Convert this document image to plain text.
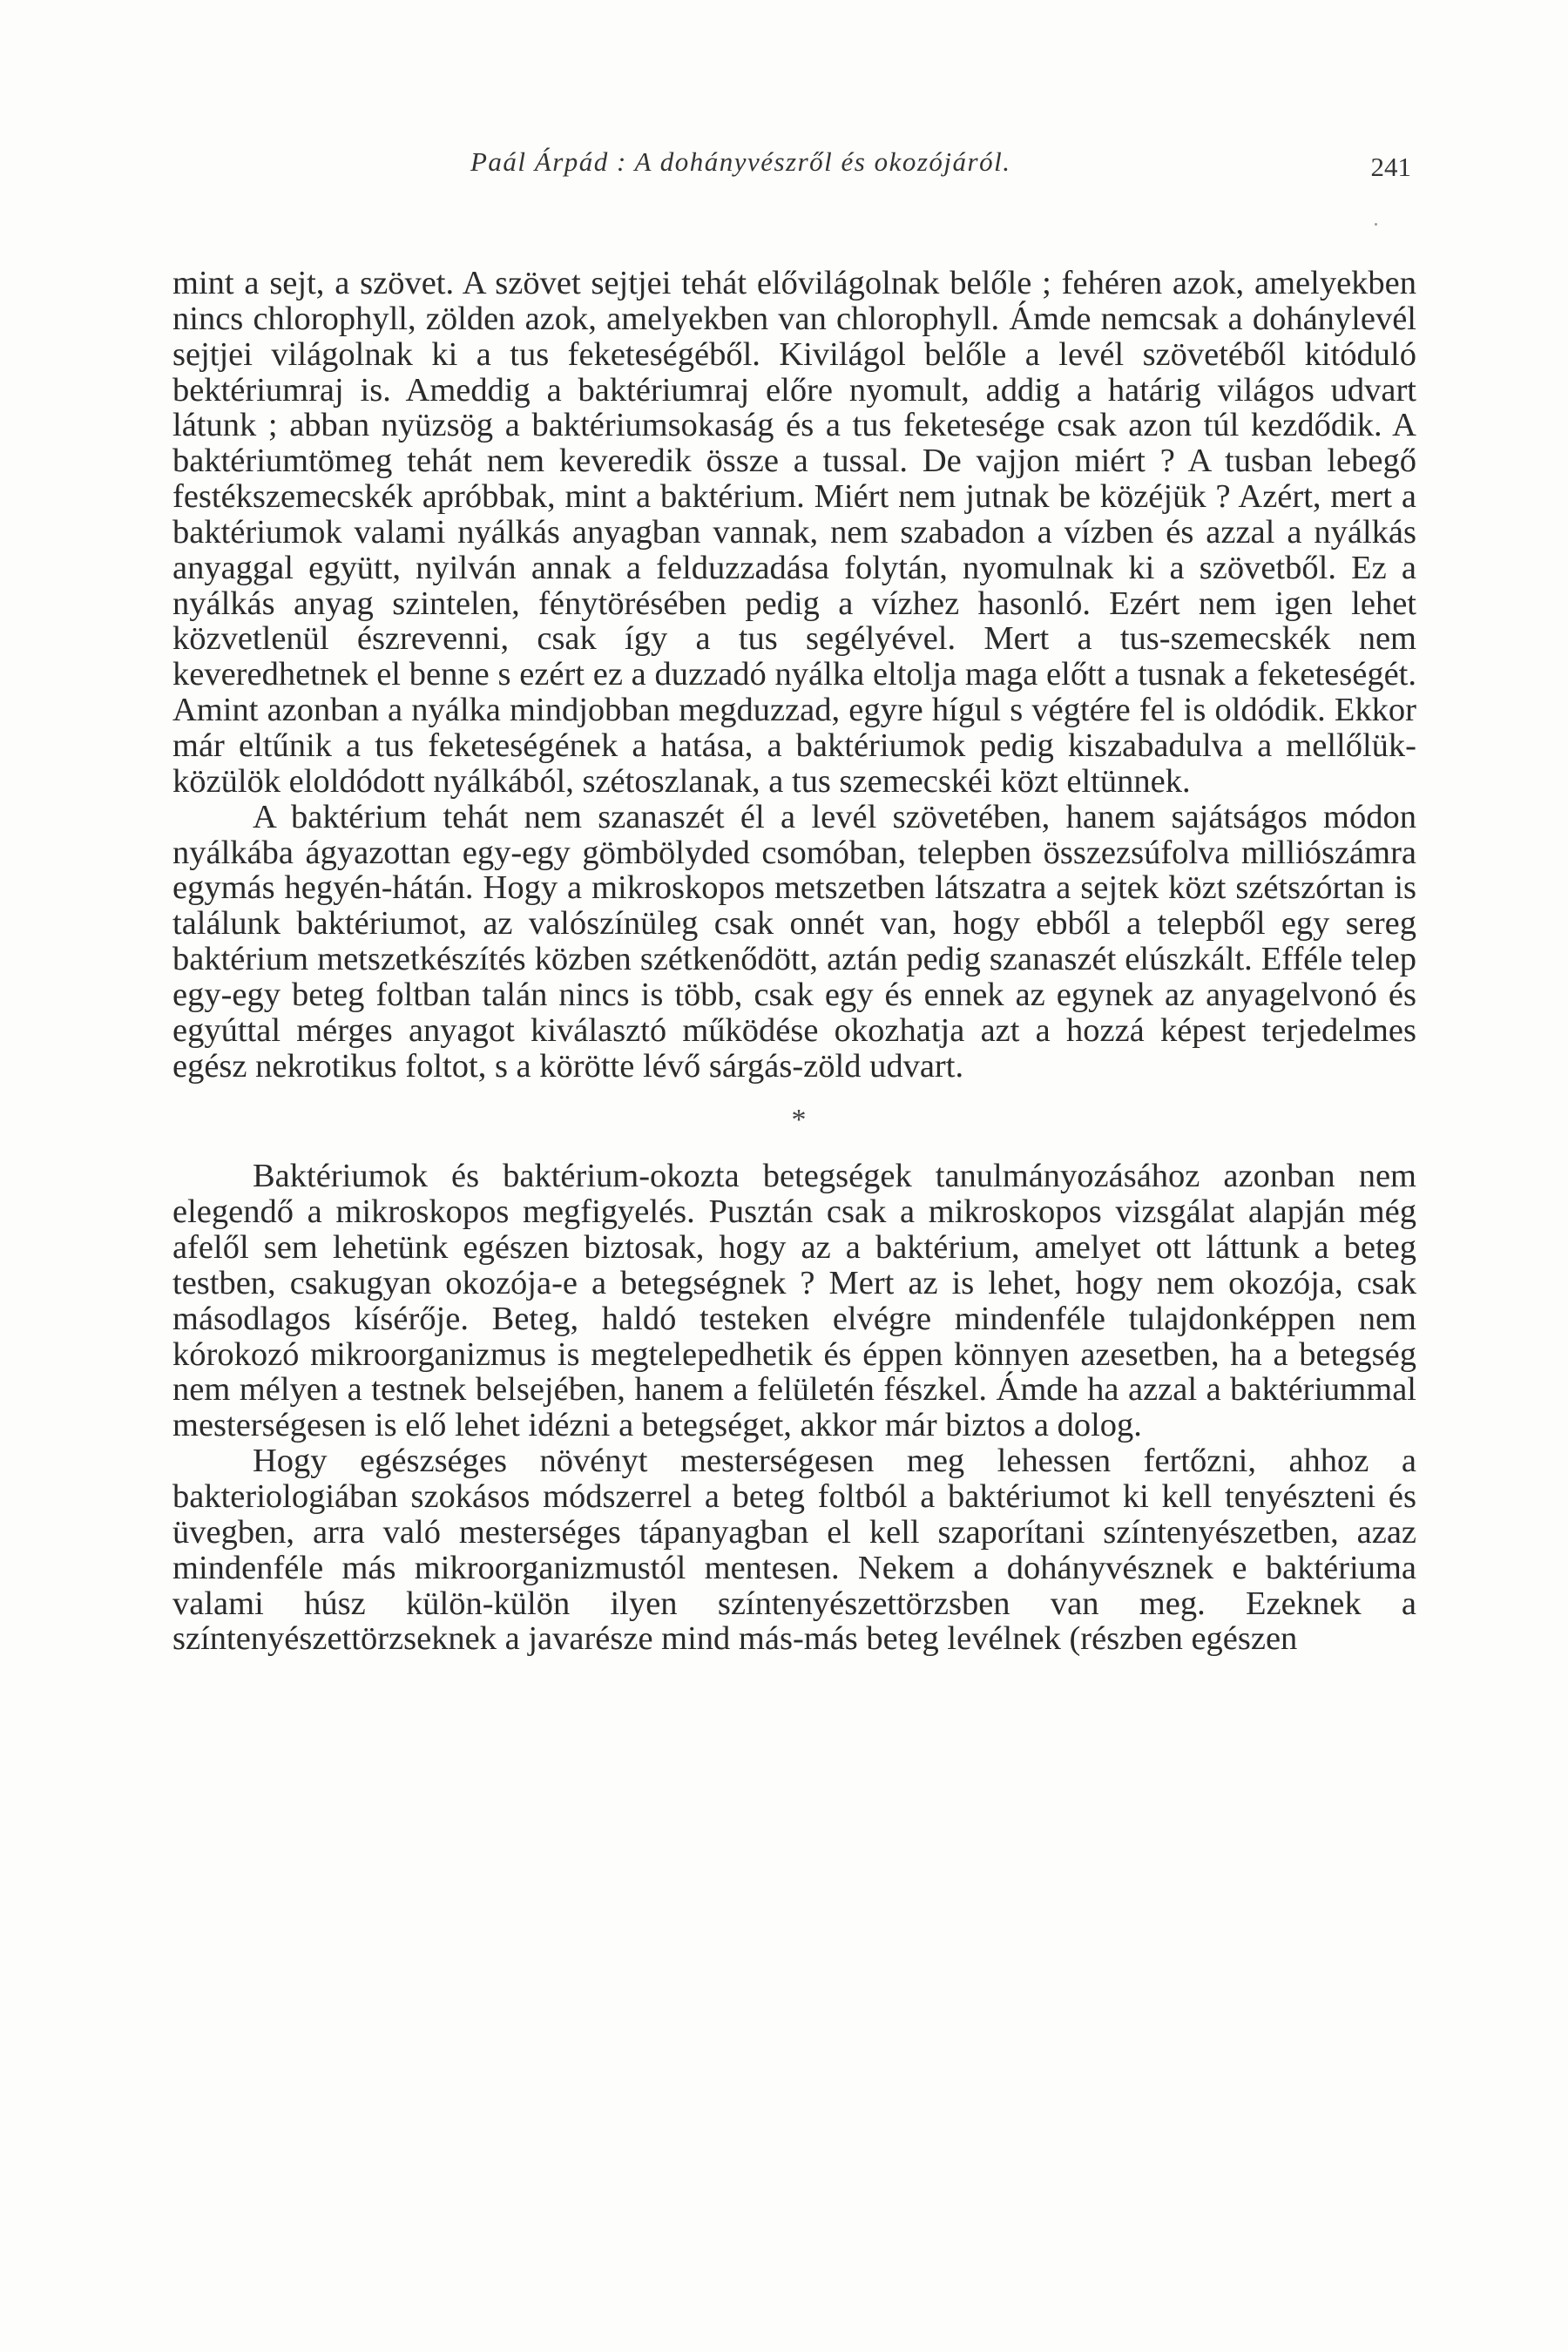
Paál Árpád : A dohányvészről és okozójáról.	241

mint a sejt, a szövet. A szövet sejtjei tehát elővilágolnak belőle ; fehéren azok, amelyekben nincs chlorophyll, zölden azok, amelyekben van chlorophyll. Ámde nemcsak a dohánylevél sejtjei világolnak ki a tus feketeségéből. Kivilágol belőle a levél szövetéből kitóduló bektériumraj is. Ameddig a baktériumraj előre nyomult, addig a határig világos udvart látunk ; abban nyüzsög a baktériumsokaság és a tus feketesége csak azon túl kezdődik. A baktériumtömeg tehát nem keveredik össze a tussal. De vajjon miért ? A tusban lebegő festékszemecskék apróbbak, mint a baktérium. Miért nem jutnak be közéjük ? Azért, mert a baktériumok valami nyálkás anyagban vannak, nem szabadon a vízben és azzal a nyálkás anyaggal együtt, nyilván annak a felduzzadása folytán, nyomulnak ki a szövetből. Ez a nyálkás anyag szintelen, fénytörésében pedig a vízhez hasonló. Ezért nem igen lehet közvetlenül észrevenni, csak így a tus segélyével. Mert a tus-szemecskék nem keveredhetnek el benne s ezért ez a duzzadó nyálka eltolja maga előtt a tusnak a feketeségét. Amint azonban a nyálka mindjobban megduzzad, egyre hígul s végtére fel is oldódik. Ekkor már eltűnik a tus feketeségének a hatása, a baktériumok pedig kiszabadulva a mellőlük-közülök eloldódott nyálkából, szétoszlanak, a tus szemecskéi közt eltünnek.

A baktérium tehát nem szanaszét él a levél szövetében, hanem sajátságos módon nyálkába ágyazottan egy-egy gömbölyded csomóban, telepben összezsúfolva milliószámra egymás hegyén-hátán. Hogy a mikroskopos metszetben látszatra a sejtek közt szétszórtan is találunk baktériumot, az valószínüleg csak onnét van, hogy ebből a telepből egy sereg baktérium metszetkészítés közben szétkenődött, aztán pedig szanaszét elúszkált. Efféle telep egy-egy beteg foltban talán nincs is több, csak egy és ennek az egynek az anyagelvonó és egyúttal mérges anyagot kiválasztó működése okozhatja azt a hozzá képest terjedelmes egész nekrotikus foltot, s a körötte lévő sárgás-zöld udvart.

*

Baktériumok és baktérium-okozta betegségek tanulmányozásához azonban nem elegendő a mikroskopos megfigyelés. Pusztán csak a mikroskopos vizsgálat alapján még afelől sem lehetünk egészen biztosak, hogy az a baktérium, amelyet ott láttunk a beteg testben, csakugyan okozója-e a betegségnek ? Mert az is lehet, hogy nem okozója, csak másodlagos kísérője. Beteg, haldó testeken elvégre mindenféle tulajdonképpen nem kórokozó mikroorganizmus is megtelepedhetik és éppen könnyen azesetben, ha a betegség nem mélyen a testnek belsejében, hanem a felületén fészkel. Ámde ha azzal a baktériummal mesterségesen is elő lehet idézni a betegséget, akkor már biztos a dolog.

Hogy egészséges növényt mesterségesen meg lehessen fertőzni, ahhoz a bakteriologiában szokásos módszerrel a beteg foltból a baktériumot ki kell tenyészteni és üvegben, arra való mesterséges tápanyagban el kell szaporítani színtenyészetben, azaz mindenféle más mikroorganizmustól mentesen. Nekem a dohányvésznek e baktériuma valami húsz külön-külön ilyen színtenyészettörzsben van meg. Ezeknek a színtenyészettörzseknek a javarésze mind más-más beteg levélnek (részben egészen
